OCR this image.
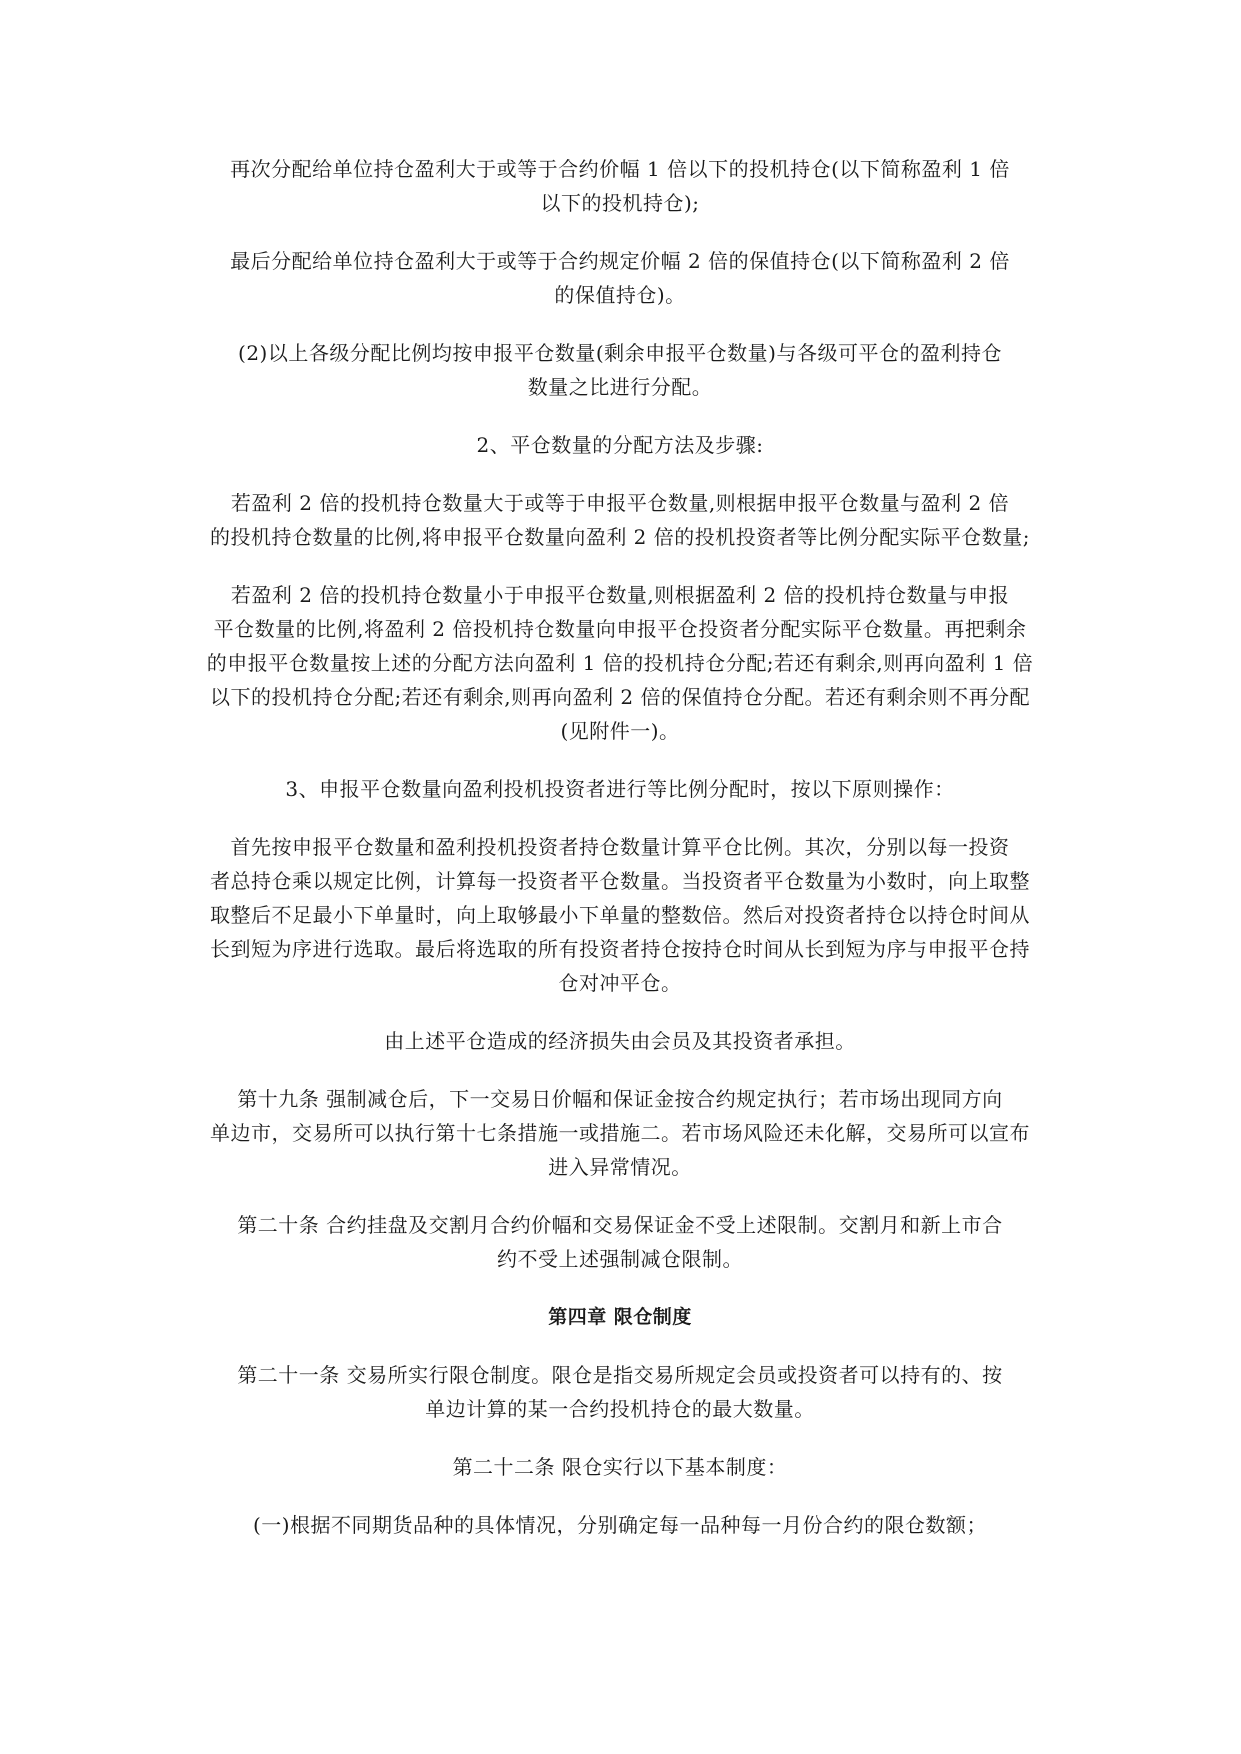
再次分配给单位持仓盈利大于或等于合约价幅 1 倍以下的投机持仓(以下简称盈利 1 倍
以下的投机持仓);

最后分配给单位持仓盈利大于或等于合约规定价幅 2 倍的保值持仓(以下简称盈利 2 倍
的保值持仓)。

(2)以上各级分配比例均按申报平仓数量(剩余申报平仓数量)与各级可平仓的盈利持仓
数量之比进行分配。

2、平仓数量的分配方法及步骤:

若盈利 2 倍的投机持仓数量大于或等于申报平仓数量,则根据申报平仓数量与盈利 2 倍
的投机持仓数量的比例,将申报平仓数量向盈利 2 倍的投机投资者等比例分配实际平仓数量;

若盈利 2 倍的投机持仓数量小于申报平仓数量,则根据盈利 2 倍的投机持仓数量与申报
平仓数量的比例,将盈利 2 倍投机持仓数量向申报平仓投资者分配实际平仓数量。再把剩余
的申报平仓数量按上述的分配方法向盈利 1 倍的投机持仓分配;若还有剩余,则再向盈利 1 倍
以下的投机持仓分配;若还有剩余,则再向盈利 2 倍的保值持仓分配。若还有剩余则不再分配
(见附件一)。

3、申报平仓数量向盈利投机投资者进行等比例分配时，按以下原则操作：

首先按申报平仓数量和盈利投机投资者持仓数量计算平仓比例。其次，分别以每一投资
者总持仓乘以规定比例，计算每一投资者平仓数量。当投资者平仓数量为小数时，向上取整
取整后不足最小下单量时，向上取够最小下单量的整数倍。然后对投资者持仓以持仓时间从
长到短为序进行选取。最后将选取的所有投资者持仓按持仓时间从长到短为序与申报平仓持
仓对冲平仓。

由上述平仓造成的经济损失由会员及其投资者承担。

第十九条 强制减仓后，下一交易日价幅和保证金按合约规定执行；若市场出现同方向
单边市，交易所可以执行第十七条措施一或措施二。若市场风险还未化解，交易所可以宣布
进入异常情况。

第二十条 合约挂盘及交割月合约价幅和交易保证金不受上述限制。交割月和新上市合
约不受上述强制减仓限制。

第四章 限仓制度

第二十一条 交易所实行限仓制度。限仓是指交易所规定会员或投资者可以持有的、按
单边计算的某一合约投机持仓的最大数量。

第二十二条 限仓实行以下基本制度：

(一)根据不同期货品种的具体情况，分别确定每一品种每一月份合约的限仓数额；
